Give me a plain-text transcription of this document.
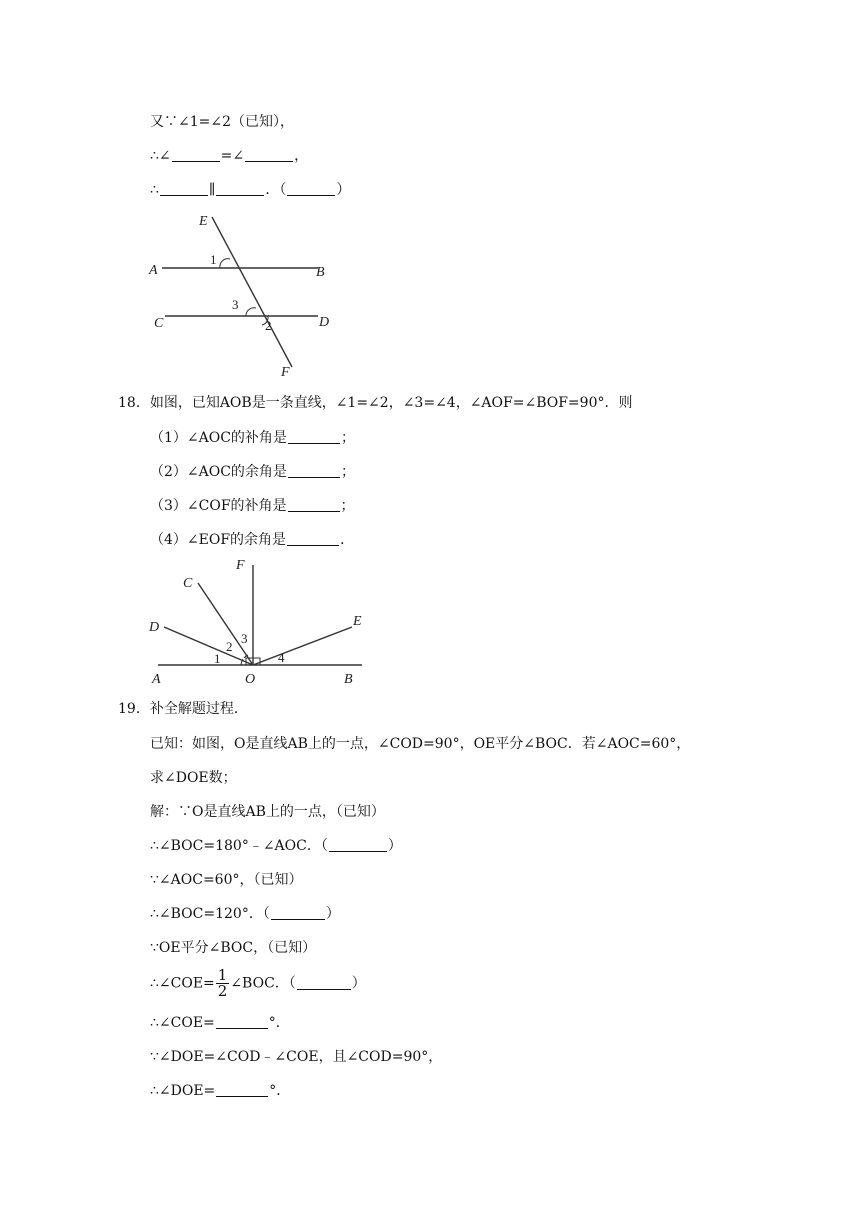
又∵∠1=∠2（已知），
∴∠	=∠	，
∴	∥	．（	）
E
A	B
C	D
F
1
3
2
18．如图，已知AOB是一条直线，∠1=∠2，∠3=∠4，∠AOF=∠BOF=90°．则
（1）∠AOC的补角是	；
（2）∠AOC的余角是	；
（3）∠COF的补角是	；
（4）∠EOF的余角是	．
F
C
D	E
A	O	B
1
2
3
4
19．补全解题过程．
已知：如图，O是直线AB上的一点，∠COD=90°，OE平分∠BOC．若∠AOC=60°，
求∠DOE数；
解：∵O是直线AB上的一点，（已知）
∴∠BOC=180°﹣∠AOC．（	）
∵∠AOC=60°，（已知）
∴∠BOC=120°．（	）
∵OE平分∠BOC，（已知）
∴∠COE= $\frac{1}{2}$ ∠BOC．（	）
∴∠COE=	°．
∵∠DOE=∠COD﹣∠COE，且∠COD=90°，
∴∠DOE=	°．
